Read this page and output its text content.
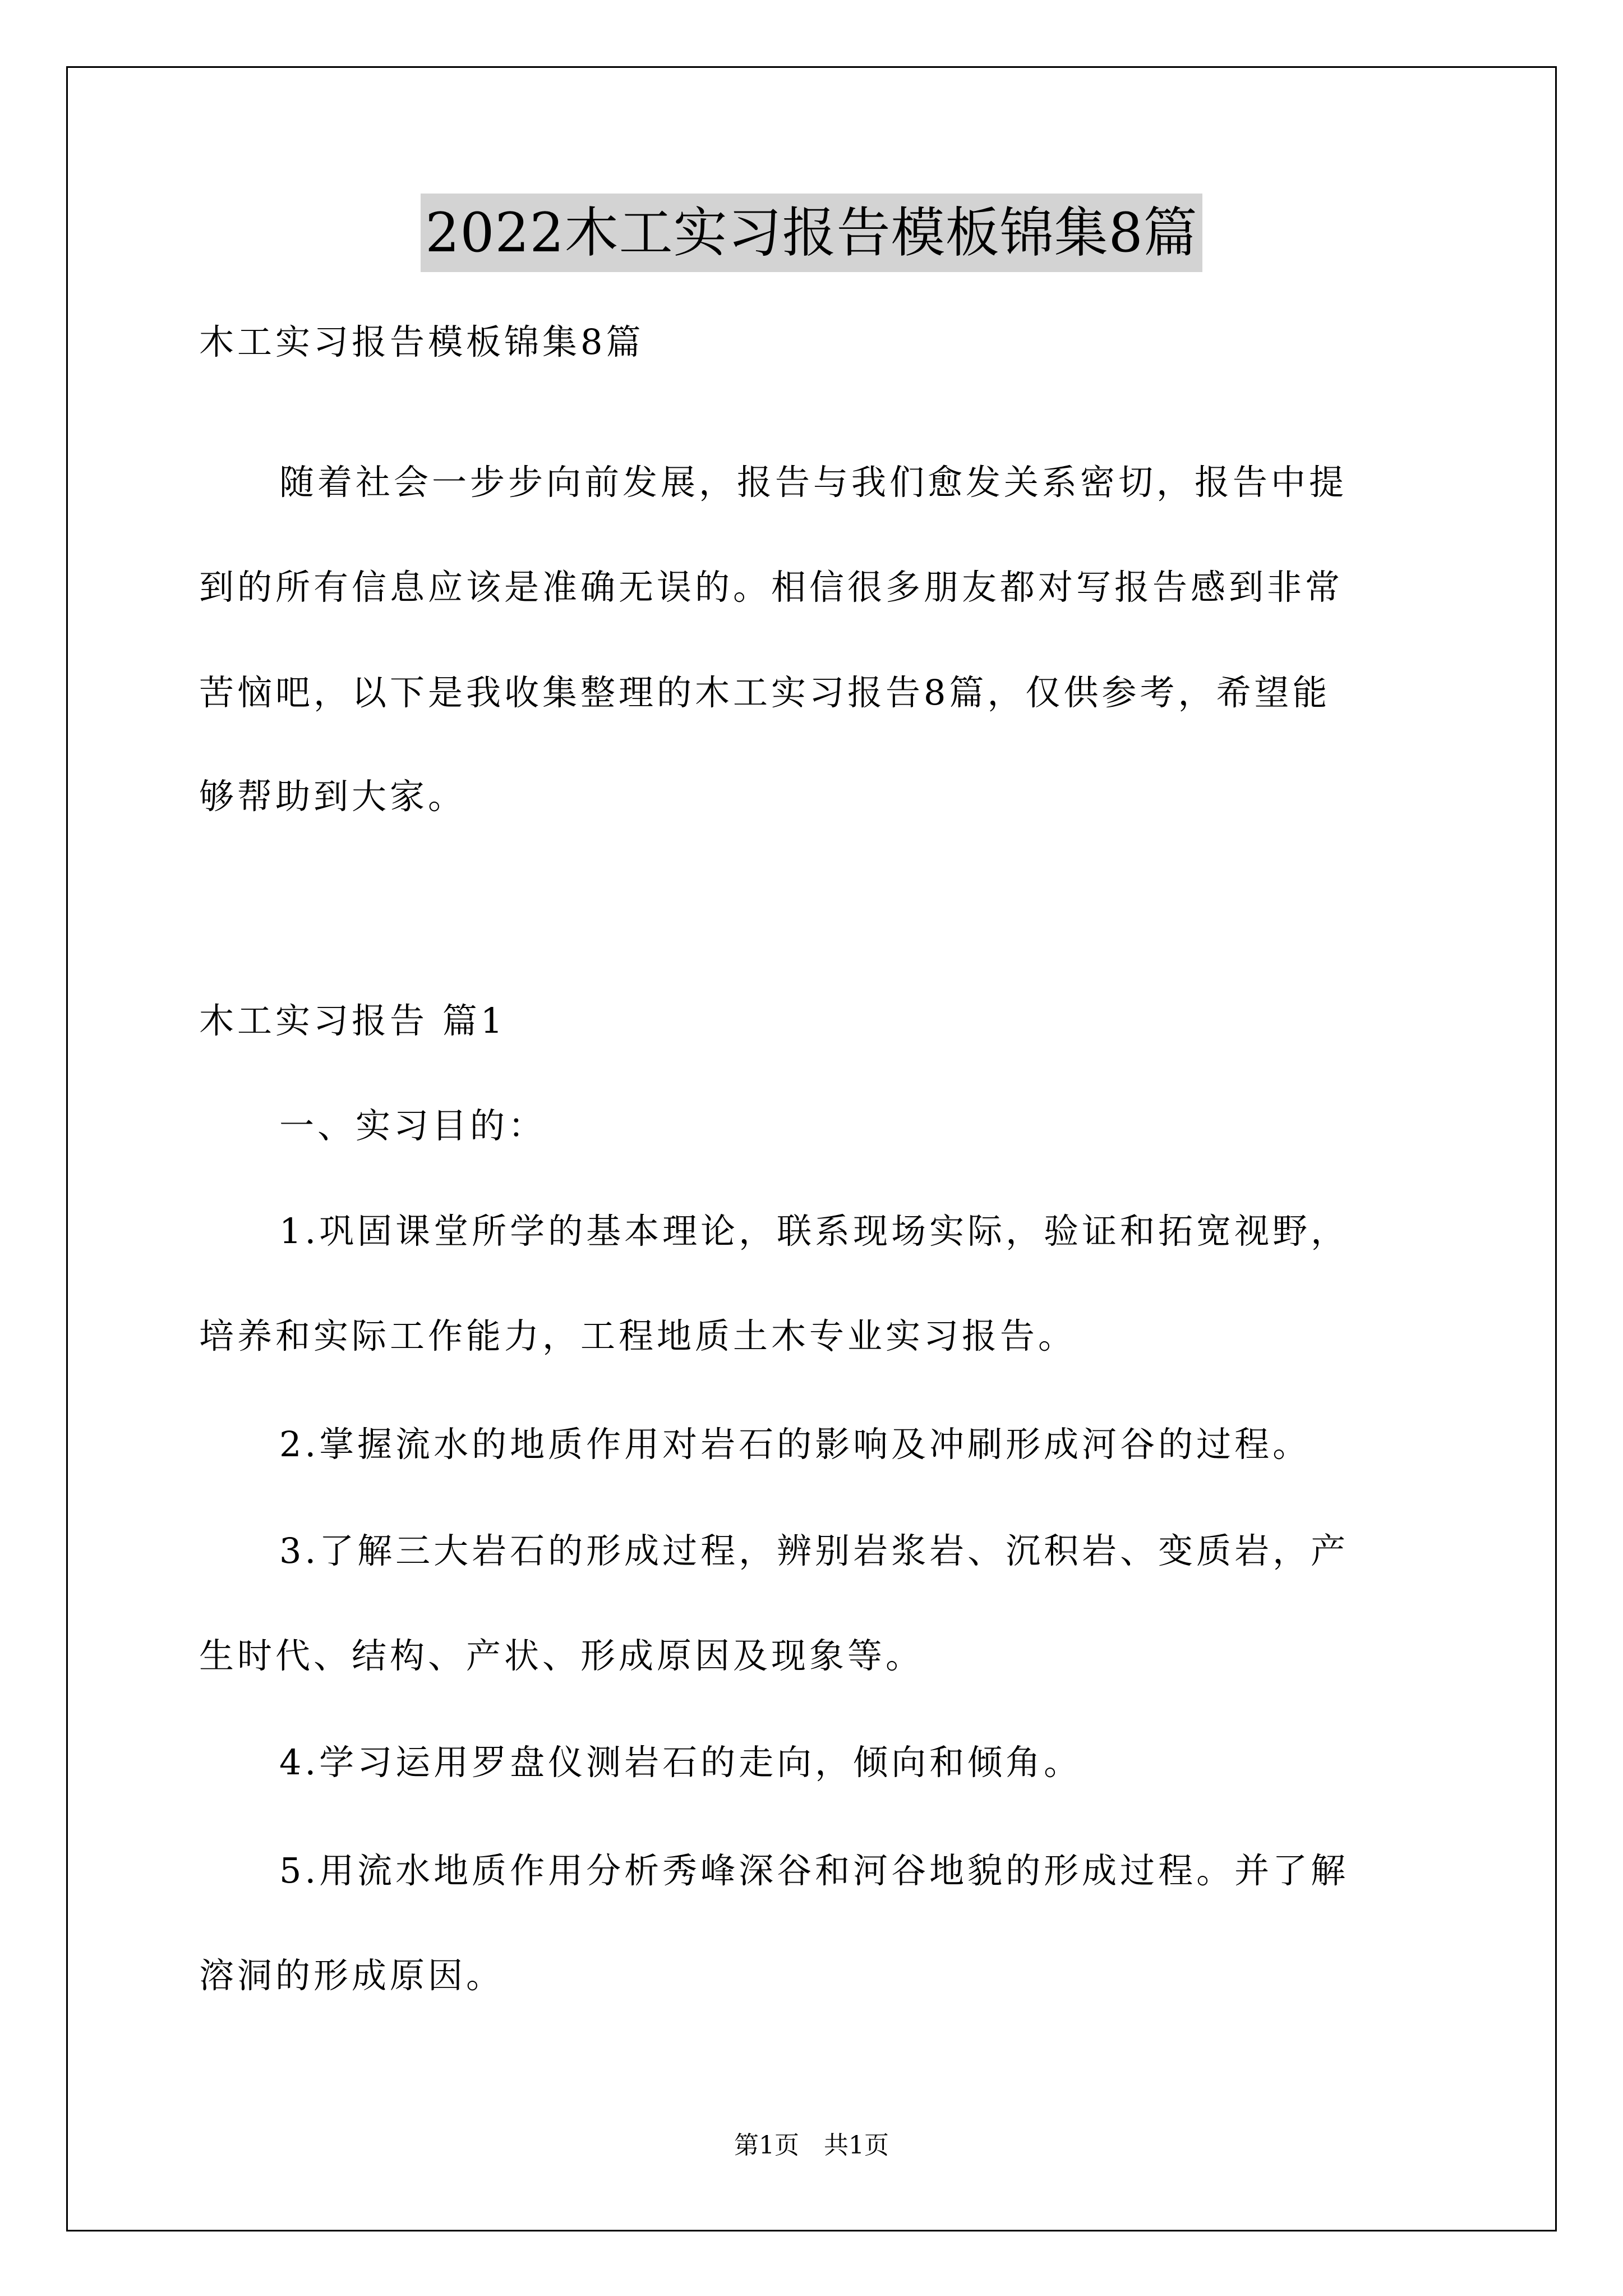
2022木工实习报告模板锦集8篇
木工实习报告模板锦集8篇
随着社会一步步向前发展，报告与我们愈发关系密切，报告中提
到的所有信息应该是准确无误的。相信很多朋友都对写报告感到非常
苦恼吧，以下是我收集整理的木工实习报告8篇，仅供参考，希望能
够帮助到大家。
木工实习报告 篇1
一、实习目的：
1.巩固课堂所学的基本理论，联系现场实际，验证和拓宽视野，
培养和实际工作能力，工程地质土木专业实习报告。
2.掌握流水的地质作用对岩石的影响及冲刷形成河谷的过程。
3.了解三大岩石的形成过程，辨别岩浆岩、沉积岩、变质岩，产
生时代、结构、产状、形成原因及现象等。
4.学习运用罗盘仪测岩石的走向，倾向和倾角。
5.用流水地质作用分析秀峰深谷和河谷地貌的形成过程。并了解
溶洞的形成原因。
第1页　共1页
